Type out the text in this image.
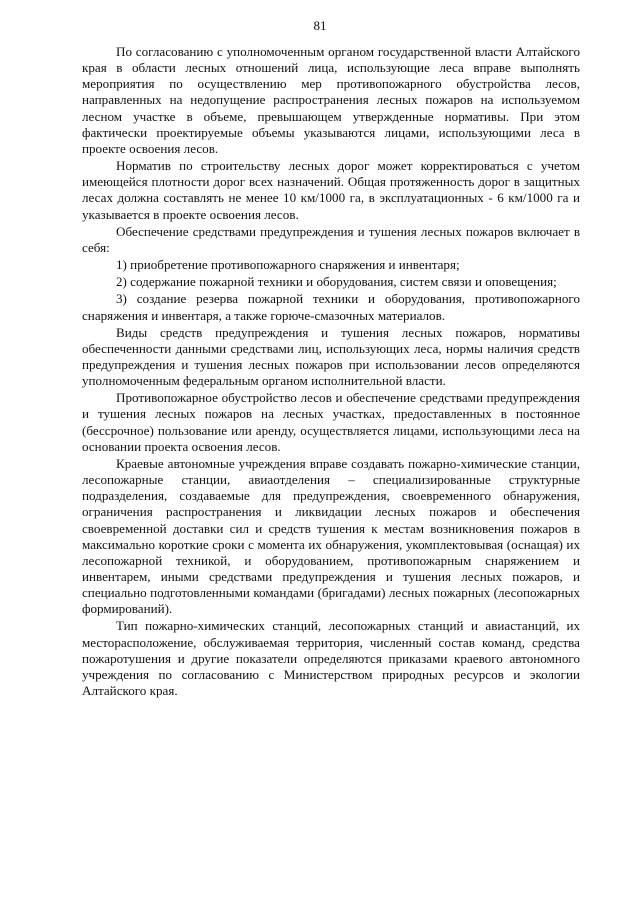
81

По согласованию с уполномоченным органом государственной власти Алтайского края в области лесных отношений лица, использующие леса вправе выполнять мероприятия по осуществлению мер противопожарного обустройства лесов, направленных на недопущение распространения лесных пожаров на используемом лесном участке в объеме, превышающем утвержденные нормативы. При этом фактически проектируемые объемы указываются лицами, использующими леса в проекте освоения лесов.

Норматив по строительству лесных дорог может корректироваться с учетом имеющейся плотности дорог всех назначений. Общая протяженность дорог в защитных лесах должна составлять не менее 10 км/1000 га, в эксплуатационных - 6 км/1000 га и указывается в проекте освоения лесов.

Обеспечение средствами предупреждения и тушения лесных пожаров включает в себя:

1) приобретение противопожарного снаряжения и инвентаря;

2) содержание пожарной техники и оборудования, систем связи и оповещения;

3) создание резерва пожарной техники и оборудования, противопожарного снаряжения и инвентаря, а также горюче-смазочных материалов.

Виды средств предупреждения и тушения лесных пожаров, нормативы обеспеченности данными средствами лиц, использующих леса, нормы наличия средств предупреждения и тушения лесных пожаров при использовании лесов определяются уполномоченным федеральным органом исполнительной власти.

Противопожарное обустройство лесов и обеспечение средствами предупреждения и тушения лесных пожаров на лесных участках, предоставленных в постоянное (бессрочное) пользование или аренду, осуществляется лицами, использующими леса на основании проекта освоения лесов.

Краевые автономные учреждения вправе создавать пожарно-химические станции, лесопожарные станции, авиаотделения – специализированные структурные подразделения, создаваемые для предупреждения, своевременного обнаружения, ограничения распространения и ликвидации лесных пожаров и обеспечения своевременной доставки сил и средств тушения к местам возникновения пожаров в максимально короткие сроки с момента их обнаружения, укомплектовывая (оснащая) их лесопожарной техникой, и оборудованием, противопожарным снаряжением и инвентарем, иными средствами предупреждения и тушения лесных пожаров, и специально подготовленными командами (бригадами) лесных пожарных (лесопожарных формирований).

Тип пожарно-химических станций, лесопожарных станций и авиастанций, их месторасположение, обслуживаемая территория, численный состав команд, средства пожаротушения и другие показатели определяются приказами краевого автономного учреждения по согласованию с Министерством природных ресурсов и экологии Алтайского края.
